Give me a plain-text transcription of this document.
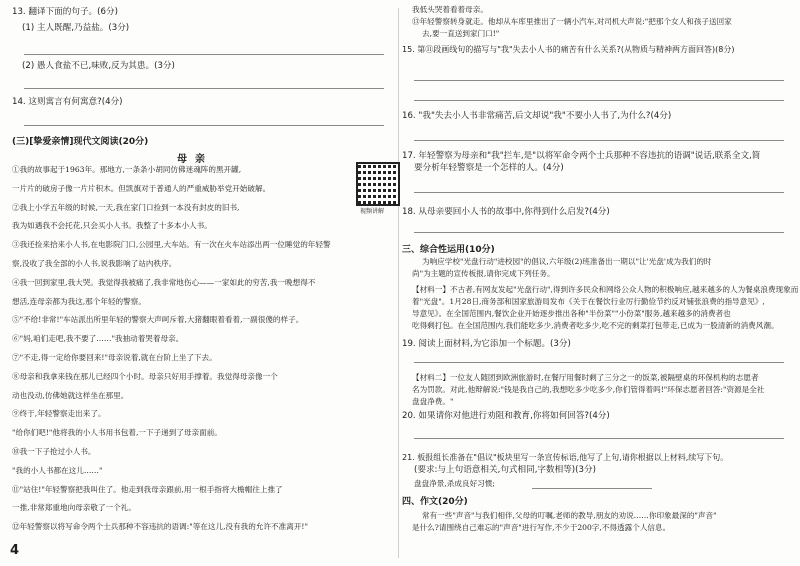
13. 翻译下面的句子。(6分)
(1) 主人既醒,乃益盐。(3分)
(2) 愚人食盐不已,味败,反为其患。(3分)
14. 这则寓言有何寓意?(4分)
(三)[挚爱亲情]现代文阅读(20分)
母亲
视频讲解
①我的故事起于1963年。那地方,一条条小胡同仿佛迷魂阵的黑开罐,
一片片的破房子像一片片积木。但凯旗对于普通人的严重威胁举党开始破解。
②我上小学五年级的时候,一天,我在家门口捡到一本没有封皮的旧书,
我为如遇我不会托花,只会买小人书。我整了十多本小人书。
③我还捡来拾来小人书,在电影院门口,公园里,大车站。有一次在火车站添出两一位睡觉的年轻警
察,没收了我全部的小人书,说我影响了站内秩序。
④我一回到家里,我大哭。我觉得我被痛了,我非常地伤心——一家如此的穷苦,我一晚想得不
想活,连母亲都为我这,那个年轻的警察。
⑤"不给!非常!"车站派出所里年轻的警察大声呵斥着,大猪翻眼着看着,一副很傻的样子。
⑥"妈,咱们走吧,我不要了……"我抽动着哭着母亲。
⑦"不走,得一定给你要回来!"母亲说着,就在台阶上坐了下去。
⑧母亲和我拿来钱在那儿已经四个小时。母亲只好用手撑着。我觉得母亲像一个
动也没动,仿佛她就这样坐在那里。
⑨终于,年轻警察走出来了。
"给你们吧!"他将我的小人书用书包着,一下子递到了母亲面前。
⑩我一下子抢过小人书。
"我的小人书都在这儿……"
⑪"站住!"年轻警察把我叫住了。他走到我母亲跟前,用一根手指将大檐帽往上推了
一推,非常郑重地向母亲敬了一个礼。
⑫年轻警察以将写命令两个士兵那种不容违抗的语调:"等在这儿,没有我的允许不准离开!"
我低头哭着看着母亲。
⑬年轻警察转身就走。他却从车库里推出了一辆小汽车,对司机大声说:"把那个女人和孩子送回家
去,要一直送到家门口!"
15. 第⑪段画线句的描写与"我"失去小人书的痛苦有什么关系?(从物质与精神两方面回答)(8分)
16. "我"失去小人书非常痛苦,后文却说"我"不要小人书了,为什么?(4分)
17. 年轻警察为母亲和"我"拦车,是"以将军命令两个士兵那种不容违抗的语调"说话,联系全文,简
要分析年轻警察是一个怎样的人。(4分)
18. 从母亲要回小人书的故事中,你得到什么启发?(4分)
三、综合性运用(10分)
为响应学校"光盘行动"进校园"的倡议,六年级(2)班准备出一期以"让'光盘'成为我们的时
尚"为主题的宣传板报,请你完成下列任务。
【材料一】不古者,有网友发起"光盘行动",得到许多民众和网络公众人物的积极响应,越来越多的人为餐桌浪费现象而
着"光盘"。1月28日,商务部和国家旅游局发布《关于在餐饮行业厉行勤俭节约反对铺张浪费的指导意见》,
导意见》。在全国范围内,餐饮企业开始逐步推出各种"半份菜""小份菜"服务,越来越多的消费者也
吃得剩打包。在全国范围内,我们能吃多少,消费者吃多少,吃不完的剩菜打包带走,已成为一股清新的消费风潮。
19. 阅读上面材料,为它添加一个标题。(3分)
【材料二】一位友人随团到欧洲旅游时,在餐厅用餐时剩了三分之一的饭菜,被隔壁桌的环保机构的志愿者
名为罚款。对此,他辩解说:"钱是我自己的,我想吃多少吃多少,你们管得着吗!"环保志愿者回答:"资源是全社
盘盘净费。"
20. 如果请你对他进行劝阻和教育,你将如何回答?(4分)
21. 板报组长准备在"倡议"板块里写一条宣传标语,他写了上句,请你根据以上材料,续写下句。
(要求:与上句语意相关,句式相同,字数相等)(3分)
盘盘净景,杀成良好习惯;
四、作文(20分)
常有一些"声音"与我们相伴,父母的叮嘱,老师的教导,朋友的劝说……你印象最深的"声音"
是什么?请围绕自己难忘的"声音"进行写作,不少于200字,不得透露个人信息。
4
